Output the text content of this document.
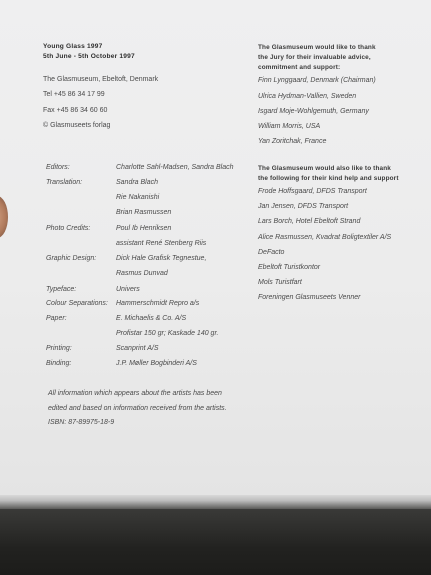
Young Glass 1997
5th June - 5th October 1997
The Glasmuseum, Ebeltoft, Denmark
Tel +45 86 34 17 99
Fax +45 86 34 60 60
© Glasmuseets forlag
Editors:	Charlotte Sahl-Madsen, Sandra Blach
Translation:	Sandra Blach
Rie Nakanishi
Brian Rasmussen
Photo Credits:	Poul Ib Henriksen
assistant René Stenberg Riis
Graphic Design:	Dick Hale Grafisk Tegnestue,
Rasmus Dunvad
Typeface:	Univers
Colour Separations: Hammerschmidt Repro a/s
Paper:	E. Michaelis & Co. A/S
Profistar 150 gr; Kaskade 140 gr.
Printing:	Scanprint A/S
Binding:	J.P. Møller Bogbinderi A/S
All information which appears about the artists has been
edited and based on information received from the artists.
ISBN: 87-89975-18-9
The Glasmuseum would like to thank
the Jury for their invaluable advice,
commitment and support:
Finn Lynggaard, Denmark (Chairman)
Ulrica Hydman-Vallien, Sweden
Isgard Moje-Wohlgemuth, Germany
William Morris, USA
Yan Zoritchak, France
The Glasmuseum would also like to thank
the following for their kind help and support
Frode Hoffsgaard, DFDS Transport
Jan Jensen, DFDS Transport
Lars Borch, Hotel Ebeltoft Strand
Alice Rasmussen, Kvadrat Boligtextiler A/S
DeFacto
Ebeltoft Turistkontor
Mols Turistfart
Foreningen Glasmuseets Venner
